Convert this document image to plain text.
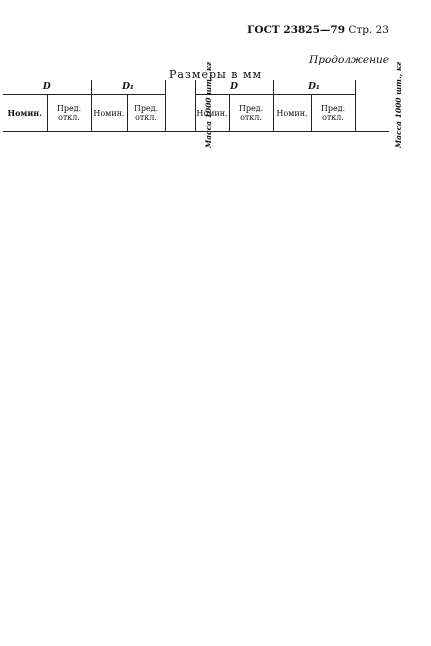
ГОСТ 23825—79 Стр. 23
Продолжение
Размеры в мм
D		D₁		Масса 1000 шт., кг	D		D₁		Масса 1000 шт., кг
Номин.	Пред. откл.	Номин.	Пред. откл.		Номин.	Пред. откл.	Номин.	Пред. откл.	
